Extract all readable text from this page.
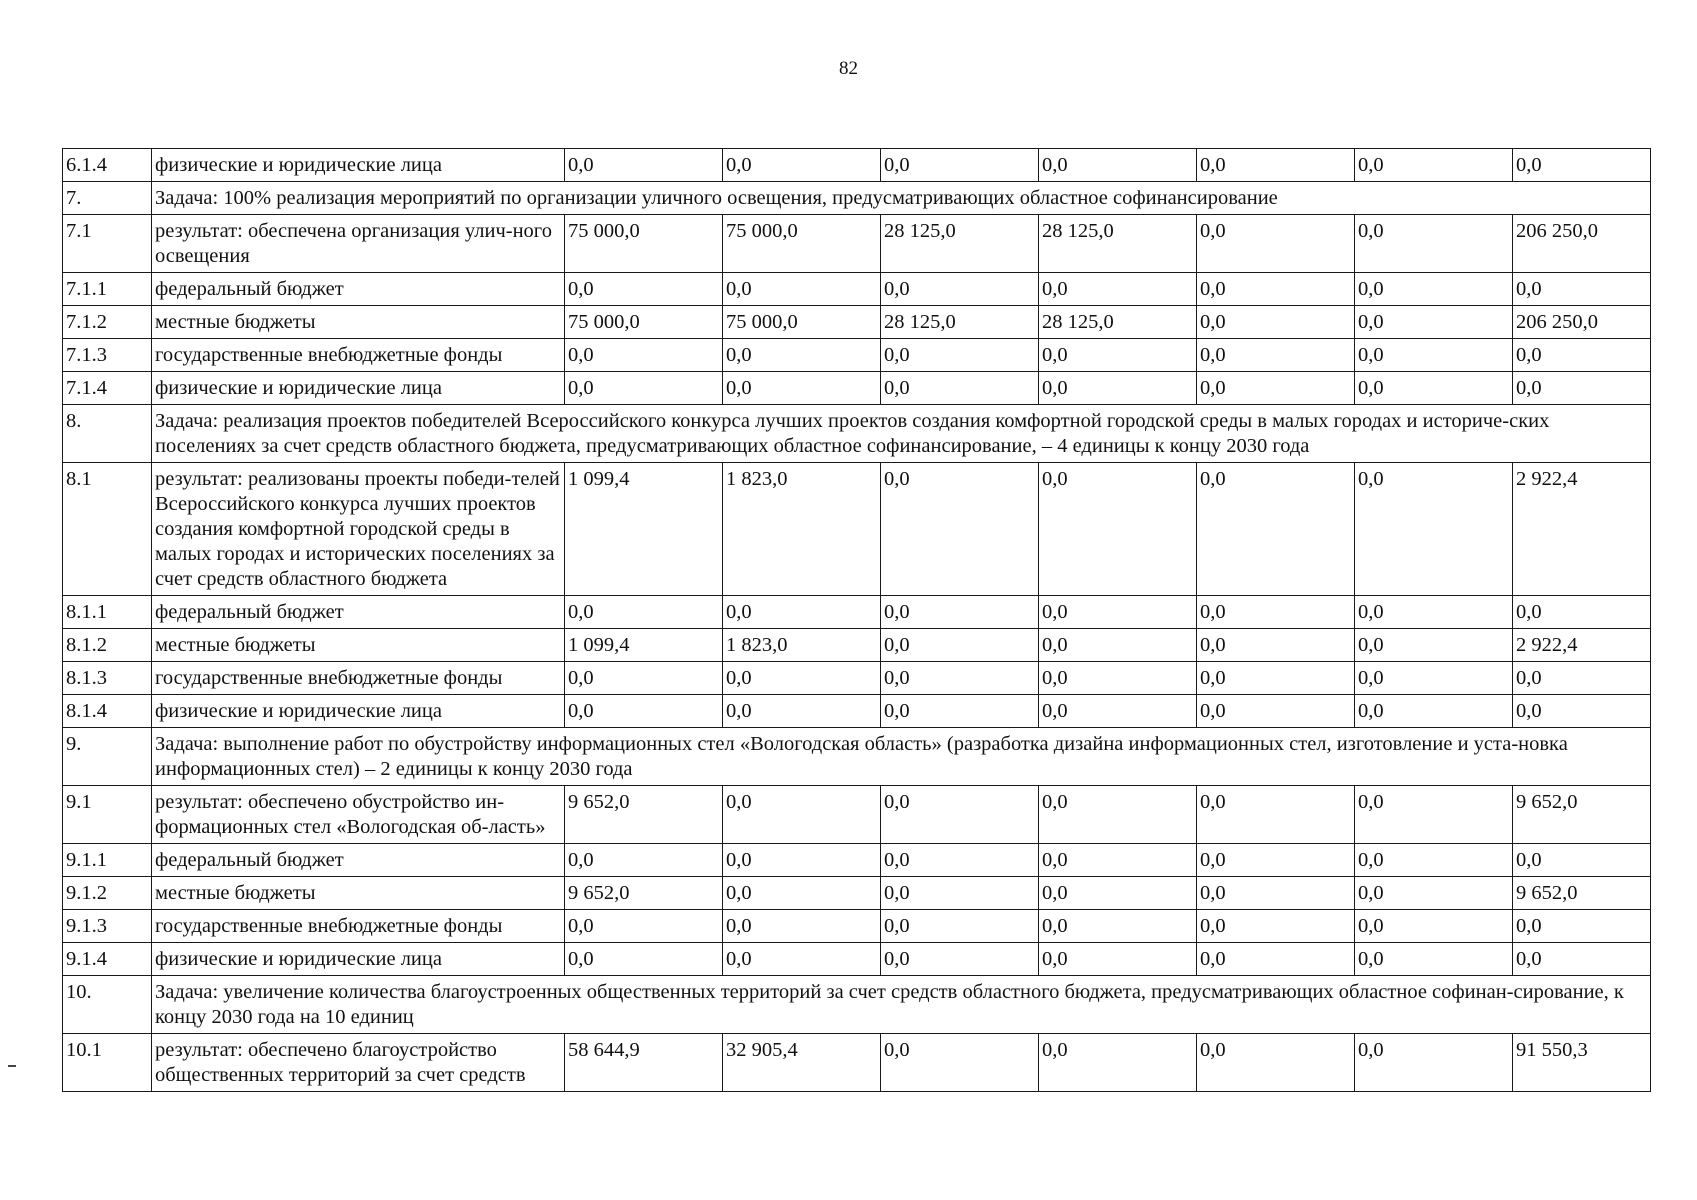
82
6.1.4	физические и юридические лица	0,0	0,0	0,0	0,0	0,0	0,0	0,0
7.	Задача: 100% реализация мероприятий по организации уличного освещения, предусматривающих областное софинансирование							
7.1	результат: обеспечена организация улич-ного освещения	75 000,0	75 000,0	28 125,0	28 125,0	0,0	0,0	206 250,0
7.1.1	федеральный бюджет	0,0	0,0	0,0	0,0	0,0	0,0	0,0
7.1.2	местные бюджеты	75 000,0	75 000,0	28 125,0	28 125,0	0,0	0,0	206 250,0
7.1.3	государственные внебюджетные фонды	0,0	0,0	0,0	0,0	0,0	0,0	0,0
7.1.4	физические и юридические лица	0,0	0,0	0,0	0,0	0,0	0,0	0,0
8.	Задача: реализация проектов победителей Всероссийского конкурса лучших проектов создания комфортной городской среды в малых городах и историче-ских поселениях за счет средств областного бюджета, предусматривающих областное софинансирование, – 4 единицы к концу 2030 года							
8.1	результат: реализованы проекты победи-телей Всероссийского конкурса лучших проектов создания комфортной городской среды в малых городах и исторических поселениях за счет средств областного бюджета	1 099,4	1 823,0	0,0	0,0	0,0	0,0	2 922,4
8.1.1	федеральный бюджет	0,0	0,0	0,0	0,0	0,0	0,0	0,0
8.1.2	местные бюджеты	1 099,4	1 823,0	0,0	0,0	0,0	0,0	2 922,4
8.1.3	государственные внебюджетные фонды	0,0	0,0	0,0	0,0	0,0	0,0	0,0
8.1.4	физические и юридические лица	0,0	0,0	0,0	0,0	0,0	0,0	0,0
9.	Задача: выполнение работ по обустройству информационных стел «Вологодская область» (разработка дизайна информационных стел, изготовление и уста-новка информационных стел) – 2 единицы к концу 2030 года							
9.1	результат: обеспечено обустройство ин-формационных стел «Вологодская об-ласть»	9 652,0	0,0	0,0	0,0	0,0	0,0	9 652,0
9.1.1	федеральный бюджет	0,0	0,0	0,0	0,0	0,0	0,0	0,0
9.1.2	местные бюджеты	9 652,0	0,0	0,0	0,0	0,0	0,0	9 652,0
9.1.3	государственные внебюджетные фонды	0,0	0,0	0,0	0,0	0,0	0,0	0,0
9.1.4	физические и юридические лица	0,0	0,0	0,0	0,0	0,0	0,0	0,0
10.	Задача: увеличение количества благоустроенных общественных территорий за счет средств областного бюджета, предусматривающих областное софинан-сирование, к концу 2030 года на 10 единиц							
10.1	результат: обеспечено благоустройство общественных территорий за счет средств	58 644,9	32 905,4	0,0	0,0	0,0	0,0	91 550,3
